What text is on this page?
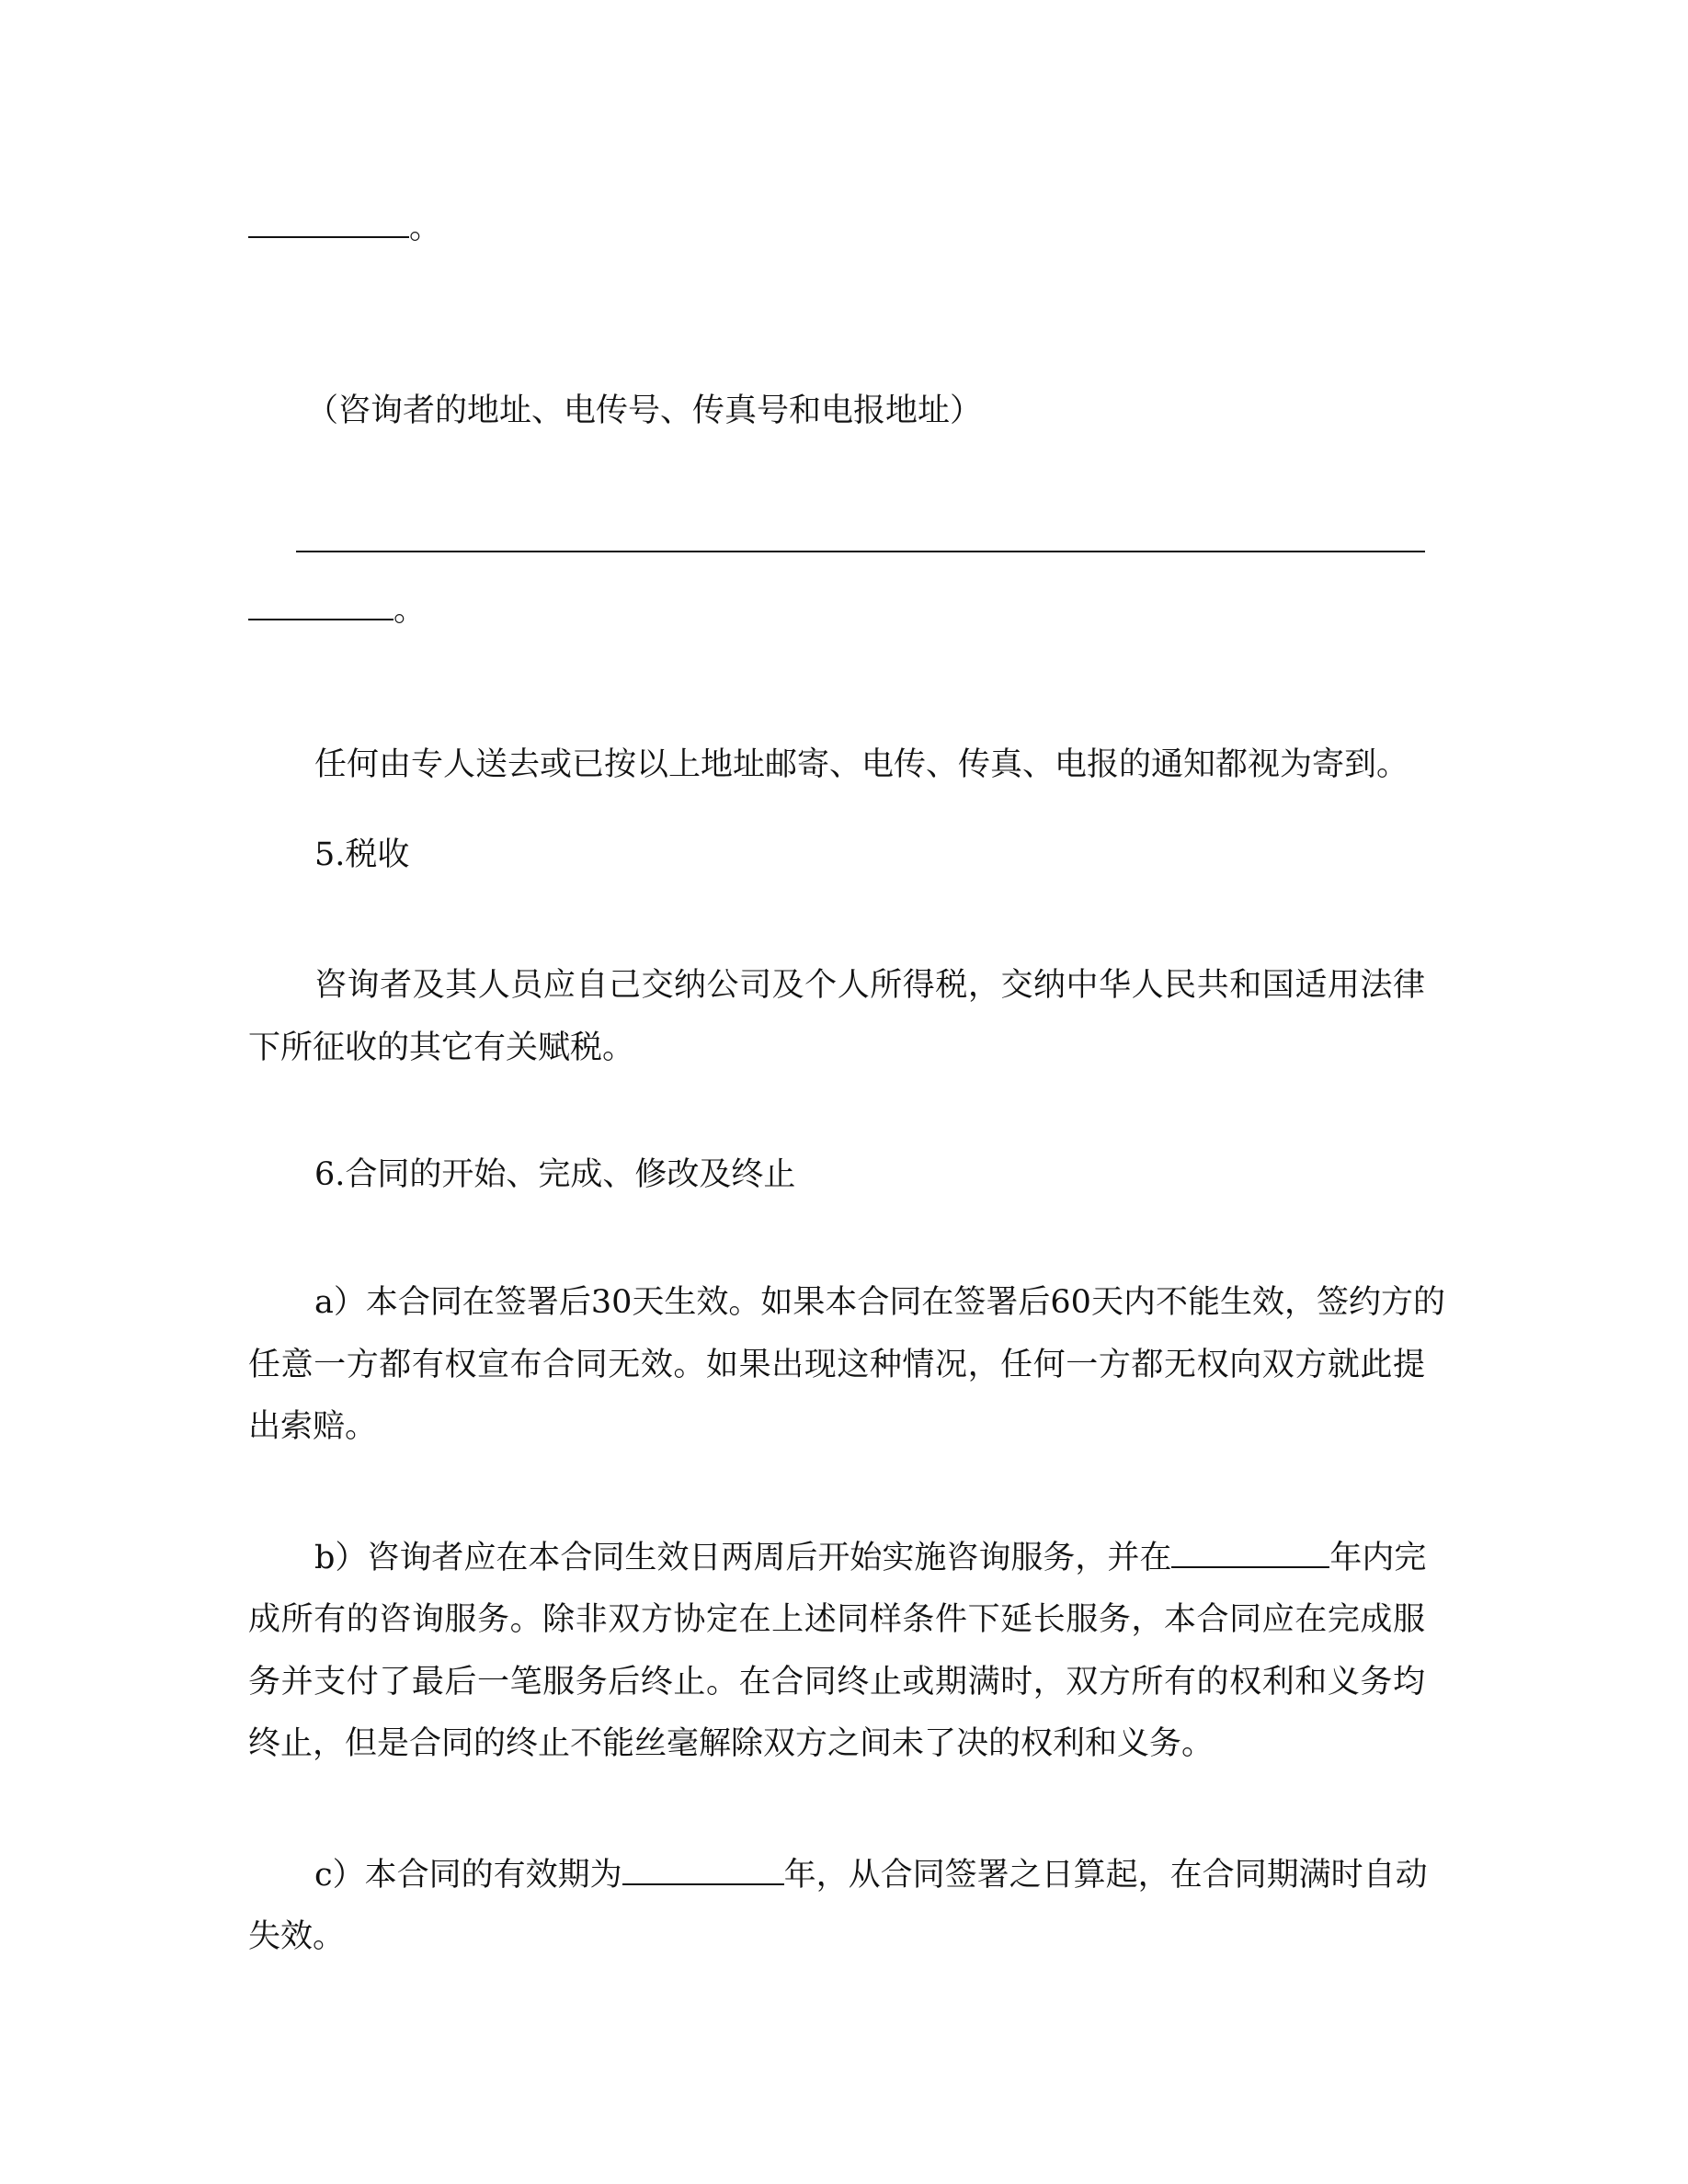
。
（咨询者的地址、电传号、传真号和电报地址）
。
任何由专人送去或已按以上地址邮寄、电传、传真、电报的通知都视为寄到。
5.税收
咨询者及其人员应自己交纳公司及个人所得税，交纳中华人民共和国适用法律
下所征收的其它有关赋税。
6.合同的开始、完成、修改及终止
a）本合同在签署后30天生效。如果本合同在签署后60天内不能生效，签约方的
任意一方都有权宣布合同无效。如果出现这种情况，任何一方都无权向双方就此提
出索赔。
b）咨询者应在本合同生效日两周后开始实施咨询服务，并在	年内完
成所有的咨询服务。除非双方协定在上述同样条件下延长服务，本合同应在完成服
务并支付了最后一笔服务后终止。在合同终止或期满时，双方所有的权利和义务均
终止，但是合同的终止不能丝毫解除双方之间未了决的权利和义务。
c）本合同的有效期为	年，从合同签署之日算起，在合同期满时自动
失效。
